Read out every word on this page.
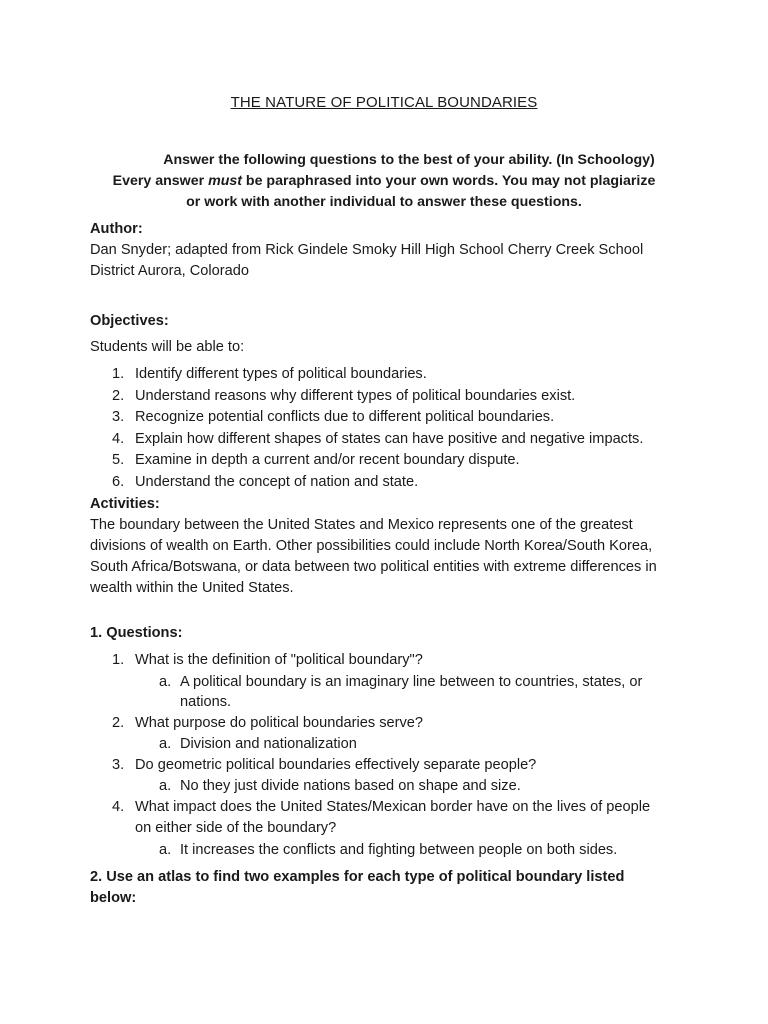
THE NATURE OF POLITICAL BOUNDARIES
Answer the following questions to the best of your ability. (In Schoology)
Every answer must be paraphrased into your own words. You may not plagiarize
or work with another individual to answer these questions.
Author:
Dan Snyder; adapted from Rick Gindele Smoky Hill High School Cherry Creek School
District Aurora, Colorado
Objectives:
Students will be able to:
1. Identify different types of political boundaries.
2. Understand reasons why different types of political boundaries exist.
3. Recognize potential conflicts due to different political boundaries.
4. Explain how different shapes of states can have positive and negative impacts.
5. Examine in depth a current and/or recent boundary dispute.
6. Understand the concept of nation and state.
Activities:
The boundary between the United States and Mexico represents one of the greatest
divisions of wealth on Earth. Other possibilities could include North Korea/South Korea,
South Africa/Botswana, or data between two political entities with extreme differences in
wealth within the United States.
1. Questions:
1. What is the definition of "political boundary"?
a. A political boundary is an imaginary line between to countries, states, or
nations.
2. What purpose do political boundaries serve?
a. Division and nationalization
3. Do geometric political boundaries effectively separate people?
a. No they just divide nations based on shape and size.
4. What impact does the United States/Mexican border have on the lives of people
on either side of the boundary?
a. It increases the conflicts and fighting between people on both sides.
2. Use an atlas to find two examples for each type of political boundary listed
below:
